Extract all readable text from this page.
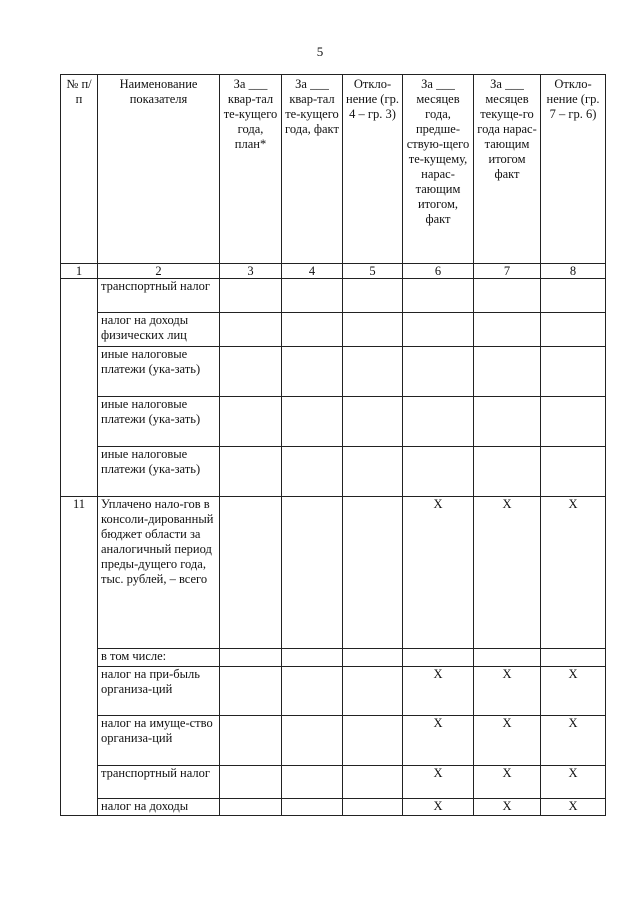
5
№ п/п	Наименование показателя	За ___ квар-тал те-кущего года, план*	За ___ квар-тал те-кущего года, факт	Откло-нение (гр. 4 – гр. 3)	За ___ месяцев года, предше-ствую-щего те-кущему, нарас-тающим итогом, факт	За ___ месяцев текуще-го года нарас-тающим итогом факт	Откло-нение (гр. 7 – гр. 6)
1	2	3	4	5	6	7	8
	транспортный налог						
	налог на доходы физических лиц						
	иные налоговые платежи (ука-зать)						
	иные налоговые платежи (ука-зать)						
	иные налоговые платежи (ука-зать)						
11	Уплачено нало-гов в консоли-дированный бюджет области за аналогичный период преды-дущего года, тыс. рублей, – всего				Х	Х	Х
	в том числе:						
	налог на при-быль организа-ций				Х	Х	Х
	налог на имуще-ство организа-ций				Х	Х	Х
	транспортный налог				Х	Х	Х
	налог на доходы				Х	Х	Х
